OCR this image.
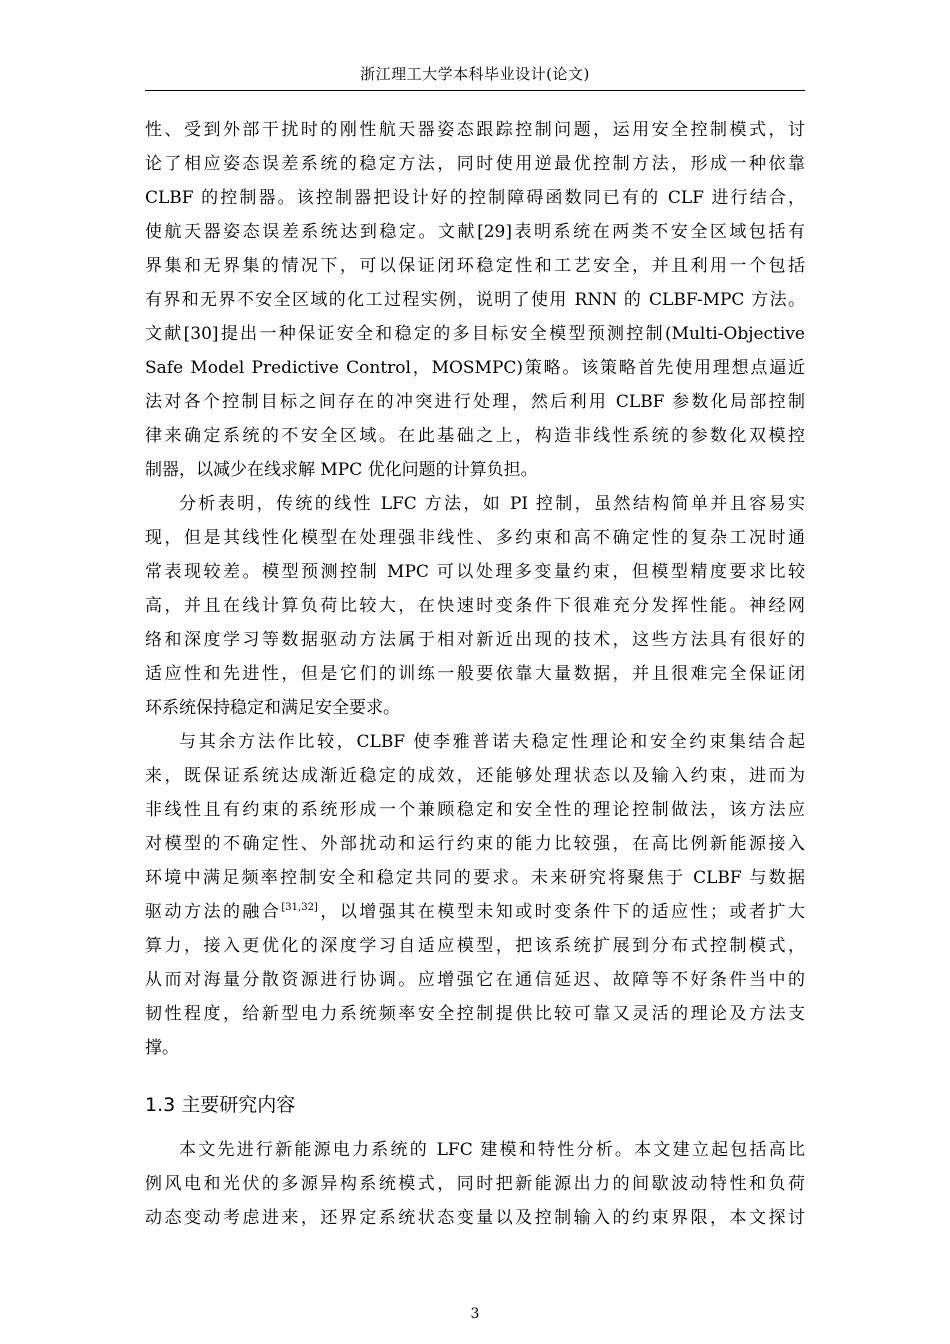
浙江理工大学本科毕业设计(论文)
性、受到外部干扰时的刚性航天器姿态跟踪控制问题，运用安全控制模式，讨
论了相应姿态误差系统的稳定方法，同时使用逆最优控制方法，形成一种依靠
CLBF 的控制器。该控制器把设计好的控制障碍函数同已有的 CLF 进行结合，
使航天器姿态误差系统达到稳定。文献[29]表明系统在两类不安全区域包括有
界集和无界集的情况下，可以保证闭环稳定性和工艺安全，并且利用一个包括
有界和无界不安全区域的化工过程实例，说明了使用 RNN 的 CLBF-MPC 方法。
文献[30]提出一种保证安全和稳定的多目标安全模型预测控制(Multi-Objective
Safe Model Predictive Control，MOSMPC)策略。该策略首先使用理想点逼近
法对各个控制目标之间存在的冲突进行处理，然后利用 CLBF 参数化局部控制
律来确定系统的不安全区域。在此基础之上，构造非线性系统的参数化双模控
制器，以减少在线求解 MPC 优化问题的计算负担。
分析表明，传统的线性 LFC 方法，如 PI 控制，虽然结构简单并且容易实
现，但是其线性化模型在处理强非线性、多约束和高不确定性的复杂工况时通
常表现较差。模型预测控制 MPC 可以处理多变量约束，但模型精度要求比较
高，并且在线计算负荷比较大，在快速时变条件下很难充分发挥性能。神经网
络和深度学习等数据驱动方法属于相对新近出现的技术，这些方法具有很好的
适应性和先进性，但是它们的训练一般要依靠大量数据，并且很难完全保证闭
环系统保持稳定和满足安全要求。
与其余方法作比较，CLBF 使李雅普诺夫稳定性理论和安全约束集结合起
来，既保证系统达成渐近稳定的成效，还能够处理状态以及输入约束，进而为
非线性且有约束的系统形成一个兼顾稳定和安全性的理论控制做法，该方法应
对模型的不确定性、外部扰动和运行约束的能力比较强，在高比例新能源接入
环境中满足频率控制安全和稳定共同的要求。未来研究将聚焦于 CLBF 与数据
驱动方法的融合[31,32]，以增强其在模型未知或时变条件下的适应性；或者扩大
算力，接入更优化的深度学习自适应模型，把该系统扩展到分布式控制模式，
从而对海量分散资源进行协调。应增强它在通信延迟、故障等不好条件当中的
韧性程度，给新型电力系统频率安全控制提供比较可靠又灵活的理论及方法支
撑。
1.3 主要研究内容
本文先进行新能源电力系统的 LFC 建模和特性分析。本文建立起包括高比
例风电和光伏的多源异构系统模式，同时把新能源出力的间歇波动特性和负荷
动态变动考虑进来，还界定系统状态变量以及控制输入的约束界限，本文探讨
3
